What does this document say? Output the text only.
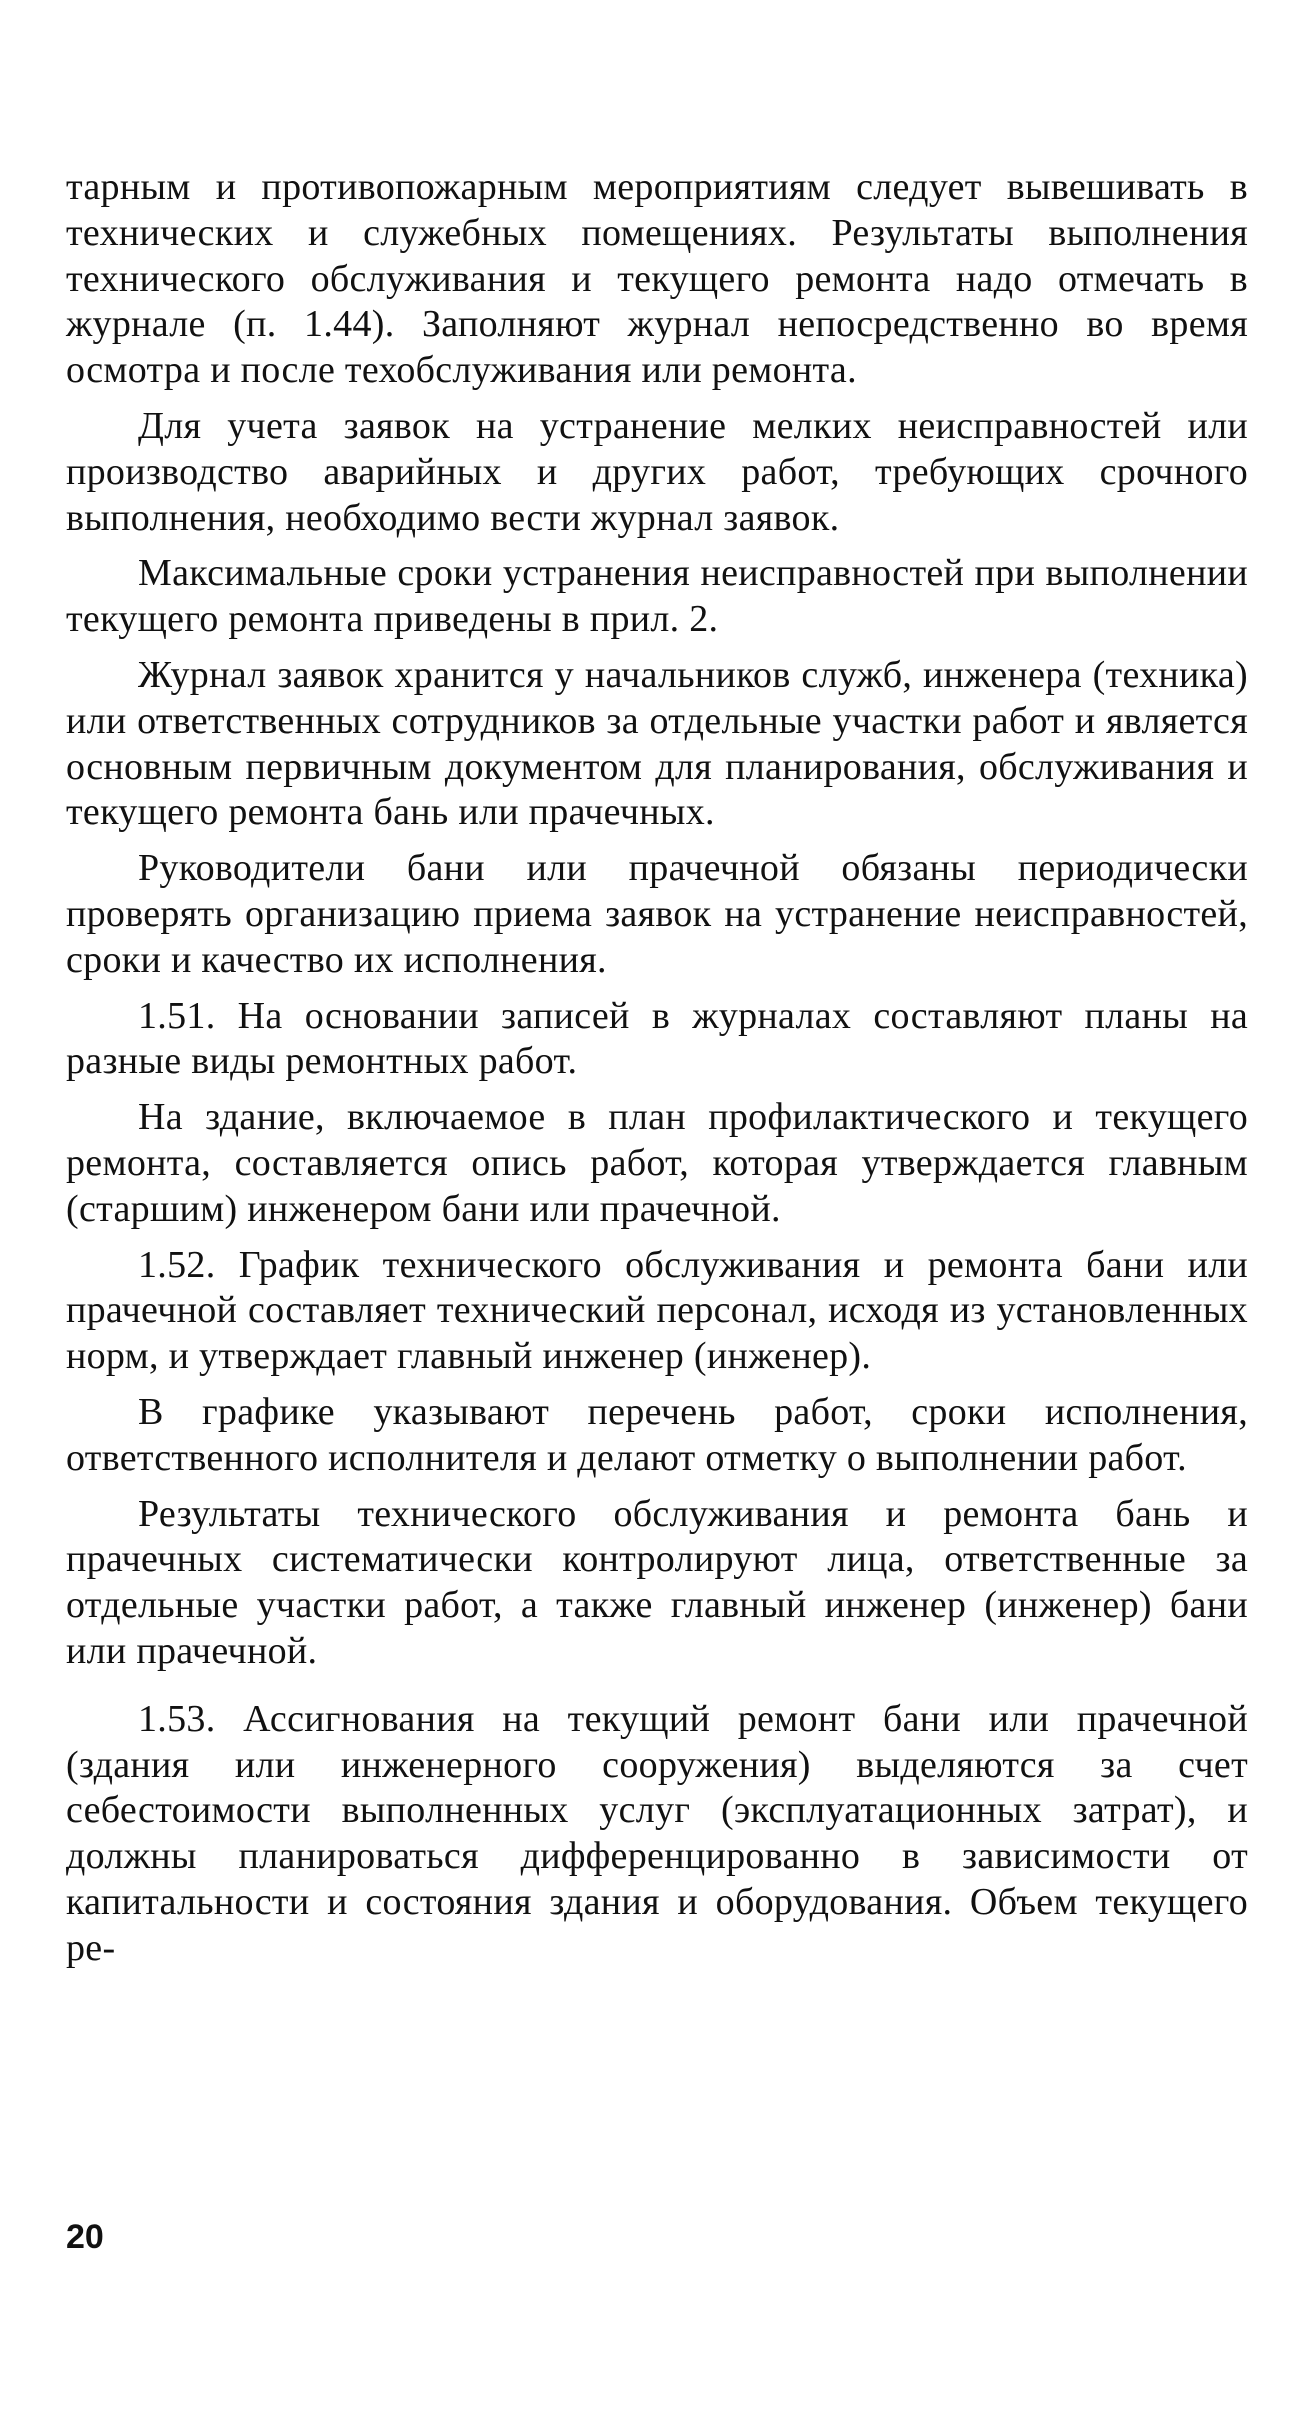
тарным и противопожарным мероприятиям следует вывешивать в технических и служебных помещениях. Результаты выполнения технического обслуживания и текущего ремонта надо отмечать в журнале (п. 1.44). Заполняют журнал непосредственно во время осмотра и после техобслуживания или ремонта.

Для учета заявок на устранение мелких неисправностей или производство аварийных и других работ, требующих срочного выполнения, необходимо вести журнал заявок.

Максимальные сроки устранения неисправностей при выполнении текущего ремонта приведены в прил. 2.

Журнал заявок хранится у начальников служб, инженера (техника) или ответственных сотрудников за отдельные участки работ и является основным первичным документом для планирования, обслуживания и текущего ремонта бань или прачечных.

Руководители бани или прачечной обязаны периодически проверять организацию приема заявок на устранение неисправностей, сроки и качество их исполнения.

1.51. На основании записей в журналах составляют планы на разные виды ремонтных работ.

На здание, включаемое в план профилактического и текущего ремонта, составляется опись работ, которая утверждается главным (старшим) инженером бани или прачечной.

1.52. График технического обслуживания и ремонта бани или прачечной составляет технический персонал, исходя из установленных норм, и утверждает главный инженер (инженер).

В графике указывают перечень работ, сроки исполнения, ответственного исполнителя и делают отметку о выполнении работ.

Результаты технического обслуживания и ремонта бань и прачечных систематически контролируют лица, ответственные за отдельные участки работ, а также главный инженер (инженер) бани или прачечной.

1.53. Ассигнования на текущий ремонт бани или прачечной (здания или инженерного сооружения) выделяются за счет себестоимости выполненных услуг (эксплуатационных затрат), и должны планироваться дифференцированно в зависимости от капитальности и состояния здания и оборудования. Объем текущего ре-

20
